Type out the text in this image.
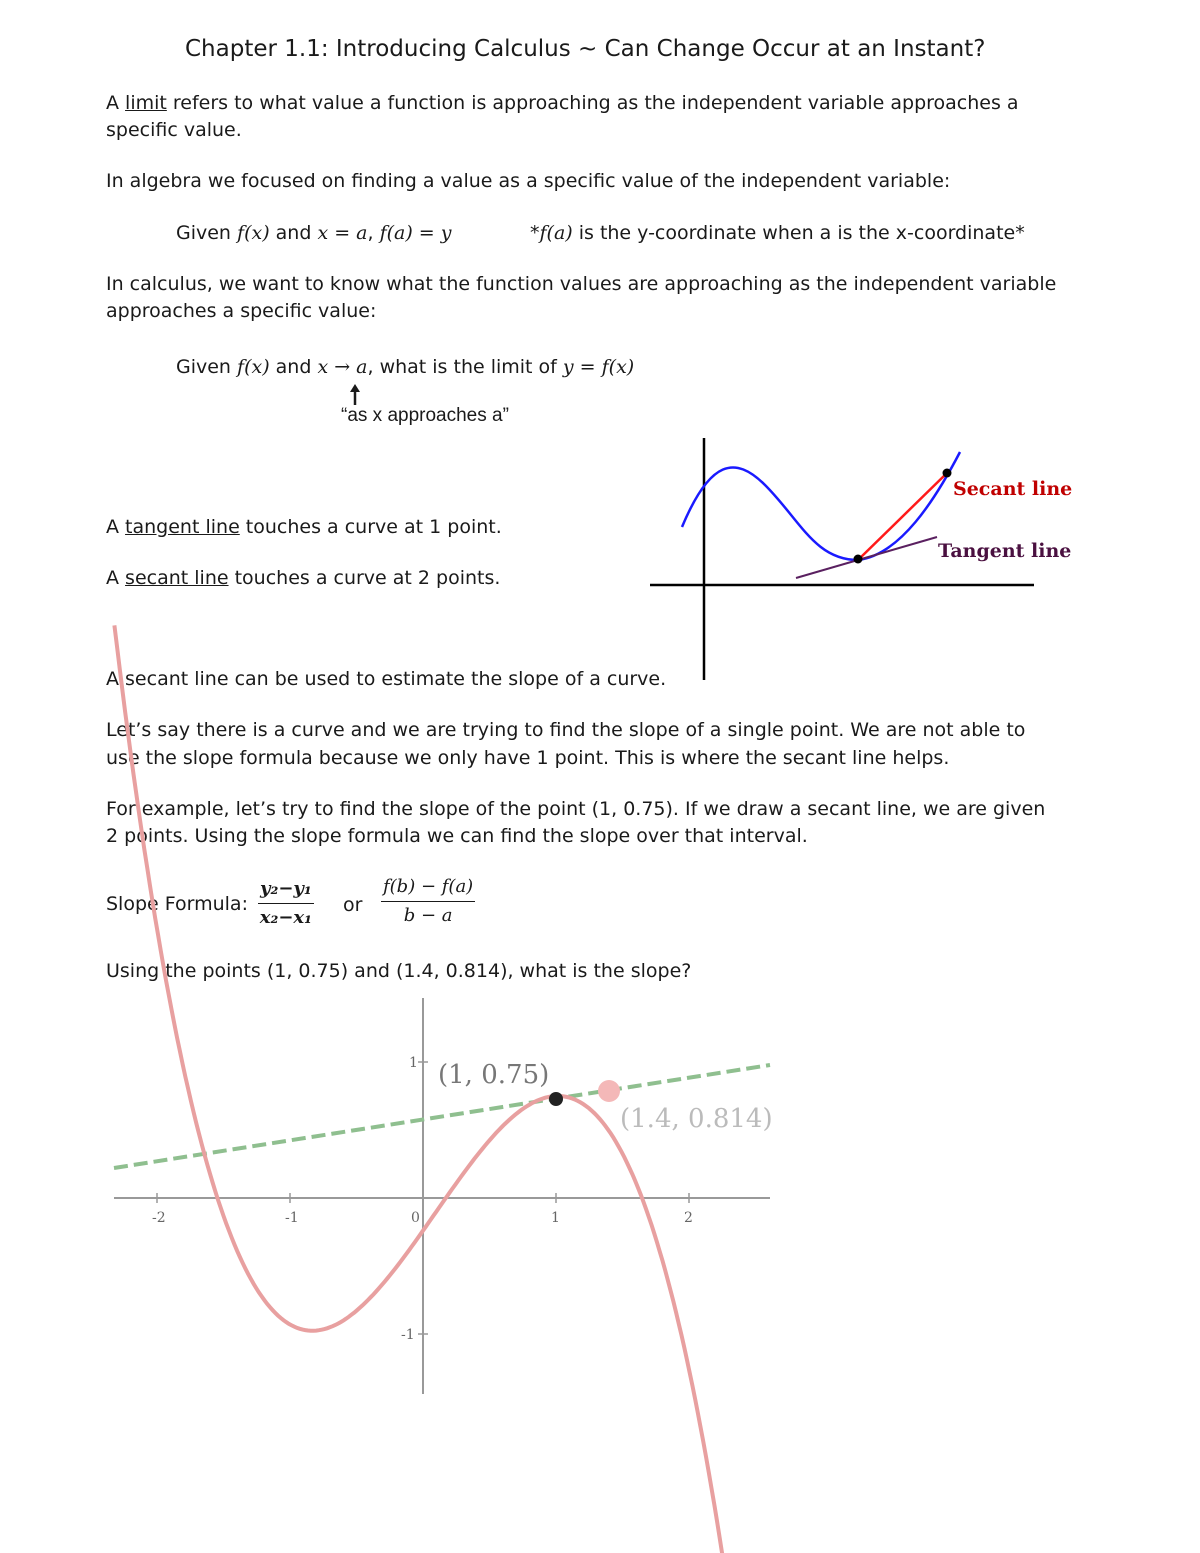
Chapter 1.1: Introducing Calculus ~ Can Change Occur at an Instant?
A limit refers to what value a function is approaching as the independent variable approaches a
specific value.
In algebra we focused on finding a value as a specific value of the independent variable:
Given f(x) and x = a, f(a) = y	*f(a) is the y-coordinate when a is the x-coordinate*
In calculus, we want to know what the function values are approaching as the independent variable
approaches a specific value:
Given f(x) and x → a, what is the limit of y = f(x)
“as x approaches a”
A tangent line touches a curve at 1 point.
A secant line touches a curve at 2 points.
Secant line
Tangent line
A secant line can be used to estimate the slope of a curve.
Let’s say there is a curve and we are trying to find the slope of a single point. We are not able to
use the slope formula because we only have 1 point. This is where the secant line helps.
For example, let’s try to find the slope of the point (1, 0.75). If we draw a secant line, we are given
2 points. Using the slope formula we can find the slope over that interval.
Slope Formula: $\frac{\text{y₂−y₁}}{\text{x₂−x₁}}$ or $\frac{f(b) - f(a)}{b - a}$
Using the points (1, 0.75) and (1.4, 0.814), what is the slope?
-2	-1	0	1	2
1
-1
(1, 0.75)
(1.4, 0.814)
